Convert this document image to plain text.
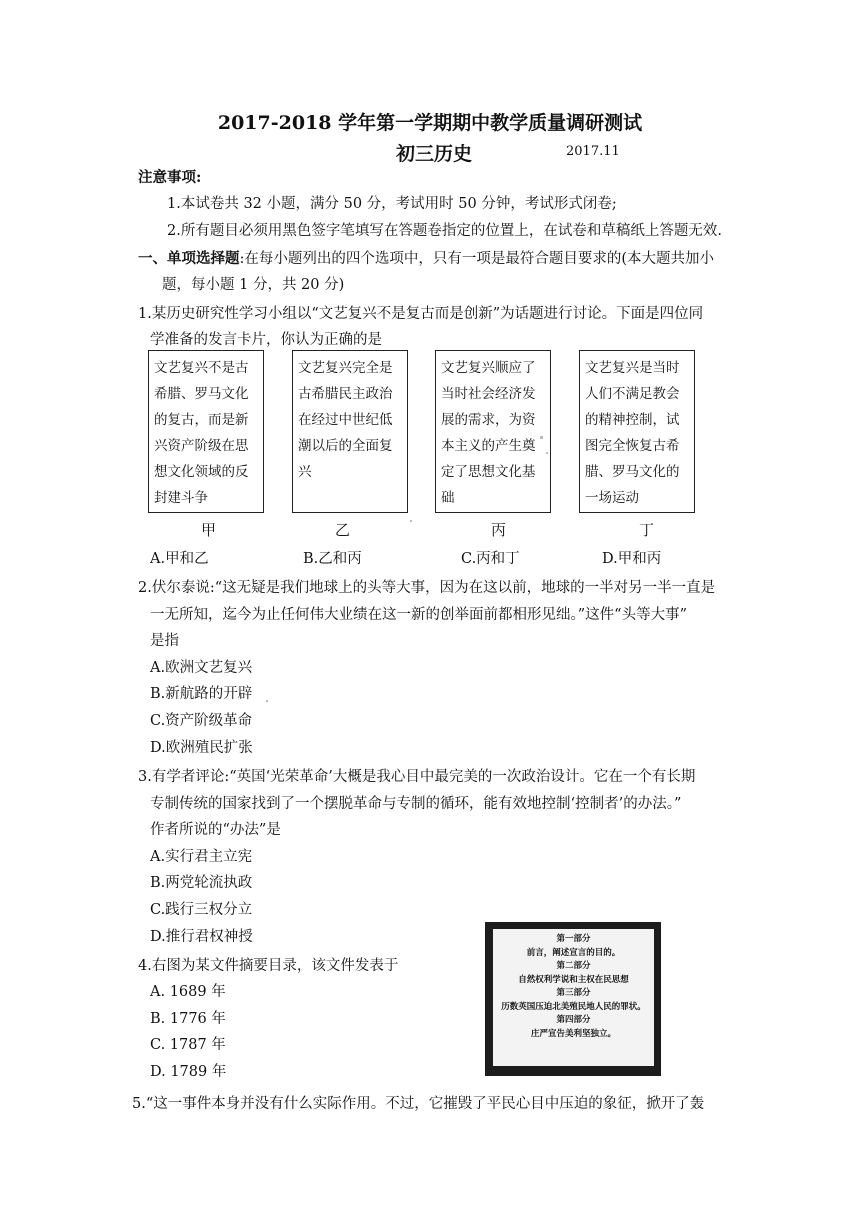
2017-2018 学年第一学期期中教学质量调研测试
初三历史	2017.11
注意事项:
1.本试卷共 32 小题，满分 50 分，考试用时 50 分钟，考试形式闭卷;
2.所有题目必须用黑色签字笔填写在答题卷指定的位置上，在试卷和草稿纸上答题无效.
一、单项选择题:在每小题列出的四个选项中，只有一项是最符合题目要求的(本大题共加小
题，每小题 1 分，共 20 分)
1.某历史研究性学习小组以“文艺复兴不是复古而是创新”为话题进行讨论。下面是四位同
学准备的发言卡片，你认为正确的是
文艺复兴不是古希腊、罗马文化的复古，而是新兴资产阶级在思想文化领域的反封建斗争
文艺复兴完全是古希腊民主政治在经过中世纪低潮以后的全面复兴
文艺复兴顺应了当时社会经济发展的需求，为资本主义的产生奠定了思想文化基础
文艺复兴是当时人们不满足教会的精神控制，试图完全恢复古希腊、罗马文化的一场运动
甲	乙	丙	丁
A.甲和乙	B.乙和丙	C.丙和丁	D.甲和丙
2.伏尔泰说:“这无疑是我们地球上的头等大事，因为在这以前，地球的一半对另一半一直是
一无所知，迄今为止任何伟大业绩在这一新的创举面前都相形见绌。”这件“头等大事”
是指
A.欧洲文艺复兴
B.新航路的开辟
C.资产阶级革命
D.欧洲殖民扩张
3.有学者评论:“英国‘光荣革命’大概是我心目中最完美的一次政治设计。它在一个有长期
专制传统的国家找到了一个摆脱革命与专制的循环，能有效地控制‘控制者’的办法。”
作者所说的“办法”是
A.实行君主立宪
B.两党轮流执政
C.践行三权分立
D.推行君权神授
4.右图为某文件摘要目录，该文件发表于
A. 1689 年
B. 1776 年
C. 1787 年
D. 1789 年
第一部分
前言，阐述宣言的目的。
第二部分
自然权利学说和主权在民思想
第三部分
历数英国压迫北美殖民地人民的罪状。
第四部分
庄严宣告美利坚独立。
5.“这一事件本身并没有什么实际作用。不过，它摧毁了平民心目中压迫的象征，掀开了轰
